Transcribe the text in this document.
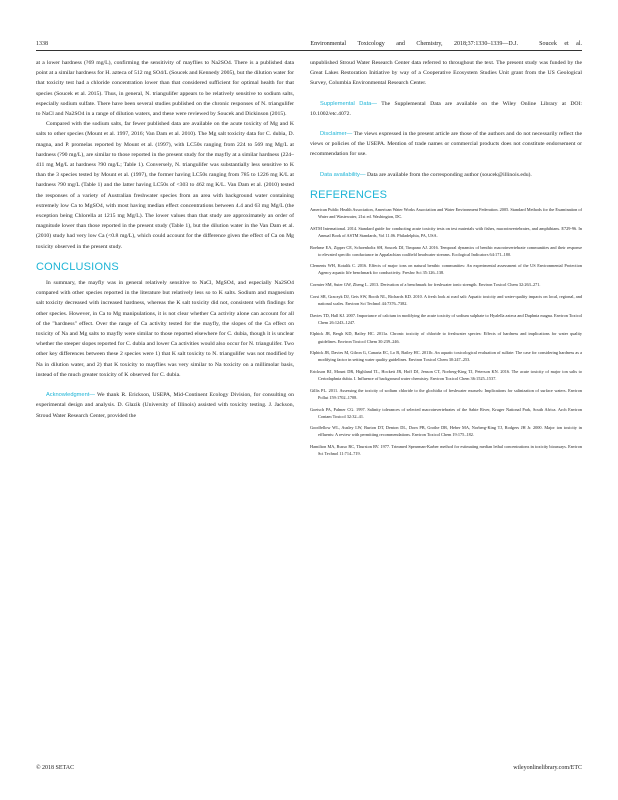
1338	Environmental Toxicology and Chemistry, 2018;37:1330–1339—D.J.	Soucek et al.

at a lower hardness (?69 mg/L), confirming the sensitivity of mayflies to Na2SO4. There is a published data point at a similar hardness for H. azteca of 512 mg SO4/L (Soucek and Kennedy 2005), but the dilution water for that toxicity test had a chloride concentration lower than that considered sufficient for optimal health for that species (Soucek et al. 2015). Thus, in general, N. triangulifer appears to be relatively sensitive to sodium salts, especially sodium sulfate. There have been several studies published on the chronic responses of N. triangulifer to NaCl and Na2SO4 in a range of dilution waters, and these were reviewed by Soucek and Dickinson (2015).

Compared with the sodium salts, far fewer published data are available on the acute toxicity of Mg and K salts to other species (Mount et al. 1997, 2016; Van Dam et al. 2010). The Mg salt toxicity data for C. dubia, D. magna, and P. promelas reported by Mount et al. (1997), with LC50s ranging from 224 to 569 mg Mg/L at hardness (?90 mg/L), are similar to those reported in the present study for the mayfly at a similar hardness (224–411 mg Mg/L at hardness ?90 mg/L; Table 1). Conversely, N. triangulifer was substantially less sensitive to K than the 3 species tested by Mount et al. (1997), the former having LC50s ranging from 785 to 1226 mg K/L at hardness ?90 mg/L (Table 1) and the latter having LC50s of <303 to 462 mg K/L. Van Dam et al. (2010) tested the responses of a variety of Australian freshwater species from an area with background water containing extremely low Ca to MgSO4, with most having median effect concentrations between 4.4 and 63 mg Mg/L (the exception being Chlorella at 1215 mg Mg/L). The lower values than that study are approximately an order of magnitude lower than those reported in the present study (Table 1), but the dilution water in the Van Dam et al. (2010) study had very low Ca (<0.8 mg/L), which could account for the difference given the effect of Ca on Mg toxicity observed in the present study.

CONCLUSIONS

In summary, the mayfly was in general relatively sensitive to NaCl, MgSO4, and especially Na2SO4 compared with other species reported in the literature but relatively less so to K salts. Sodium and magnesium salt toxicity decreased with increased hardness, whereas the K salt toxicity did not, consistent with findings for other species. However, in Ca to Mg manipulations, it is not clear whether Ca activity alone can account for all of the "hardness" effect. Over the range of Ca activity tested for the mayfly, the slopes of the Ca effect on toxicity of Na and Mg salts to mayfly were similar to those reported elsewhere for C. dubia, though it is unclear whether the steeper slopes reported for C. dubia and lower Ca activities would also occur for N. triangulifer. Two other key differences between these 2 species were 1) that K salt toxicity to N. triangulifer was not modified by Na in dilution water, and 2) that K toxicity to mayflies was very similar to Na toxicity on a millimolar basis, instead of the much greater toxicity of K observed for C. dubia.

Acknowledgment— We thank R. Erickson, USEPA, Mid-Continent Ecology Division, for consulting on experimental design and analysis. D. Glazik (University of Illinois) assisted with toxicity testing. J. Jackson, Stroud Water Research Center, provided the

unpublished Stroud Water Research Center data referred to throughout the text. The present study was funded by the Great Lakes Restoration Initiative by way of a Cooperative Ecosystem Studies Unit grant from the US Geological Survey, Columbia Environmental Research Center.

Supplemental Data— The Supplemental Data are available on the Wiley Online Library at DOI: 10.1002/etc.4072.

Disclaimer— The views expressed in the present article are those of the authors and do not necessarily reflect the views or policies of the USEPA. Mention of trade names or commercial products does not constitute endorsement or recommendation for use.

Data availability— Data are available from the corresponding author (soucek@illinois.edu).

REFERENCES

American Public Health Association, American Water Works Association and Water Environment Federation. 2005. Standard Methods for the Examination of Water and Wastewater, 21st ed. Washington, DC.

ASTM International. 2014. Standard guide for conducting acute toxicity tests on test materials with fishes, macroinvertebrates, and amphibians. E729-96. In Annual Book of ASTM Standards, Vol 11.06. Philadelphia, PA, USA.

Boehme EA, Zipper CE, Schoenholtz SH, Soucek DJ, Timpano AJ. 2016. Temporal dynamics of benthic macroinvertebrate communities and their response to elevated specific conductance in Appalachian coalfield headwater streams. Ecological Indicators 64:171–180.

Clements WH, Kotalik C. 2016. Effects of major ions on natural benthic communities: An experimental assessment of the US Environmental Protection Agency aquatic life benchmark for conductivity. Freshw Sci 35:126–138.

Cormier SM, Suter GW, Zheng L. 2013. Derivation of a benchmark for freshwater ionic strength. Environ Toxicol Chem 32:263–271.

Corsi SR, Graczyk DJ, Geis SW, Booth NL, Richards KD. 2010. A fresh look at road salt: Aquatic toxicity and water-quality impacts on local, regional, and national scales. Environ Sci Technol 44:7376–7382.

Davies TD, Hall KJ. 2007. Importance of calcium in modifying the acute toxicity of sodium sulphate to Hyalella azteca and Daphnia magna. Environ Toxicol Chem 26:1243–1247.

Elphick JR, Bergh KD, Bailey HC. 2011a. Chronic toxicity of chloride to freshwater species: Effects of hardness and implications for water quality guidelines. Environ Toxicol Chem 30:239–246.

Elphick JR, Davies M, Gilron G, Canaria EC, Lo B, Bailey HC. 2011b. An aquatic toxicological evaluation of sulfate: The case for considering hardness as a modifying factor in setting water quality guidelines. Environ Toxicol Chem 30:247–253.

Erickson RJ, Mount DR, Highland TL, Hockett JR, Hoff DJ, Jenson CT, Norberg-King TJ, Peterson KN. 2016. The acute toxicity of major ion salts to Ceriodaphnia dubia. I. Influence of background water chemistry. Environ Toxicol Chem 36:1525–1537.

Gillis PL. 2011. Assessing the toxicity of sodium chloride to the glochidia of freshwater mussels: Implications for salinization of surface waters. Environ Pollut 159:1702–1708.

Goetsch PA, Palmer CG. 1997. Salinity tolerances of selected macroinvertebrates of the Sabie River, Kruger National Park, South Africa. Arch Environ Contam Toxicol 32:32–41.

Goodfellow WL, Ausley LW, Burton DT, Denton DL, Dorn PB, Grothe DR, Heber MA, Norberg-King TJ, Rodgers JH Jr. 2000. Major ion toxicity in effluents: A review with permitting recommendations. Environ Toxicol Chem 19:175–182.

Hamilton MA, Russo RC, Thurston RV. 1977. Trimmed Spearman-Karber method for estimating median lethal concentrations in toxicity bioassays. Environ Sci Technol 11:714–719.

© 2018 SETAC	wileyonlinelibrary.com/ETC
